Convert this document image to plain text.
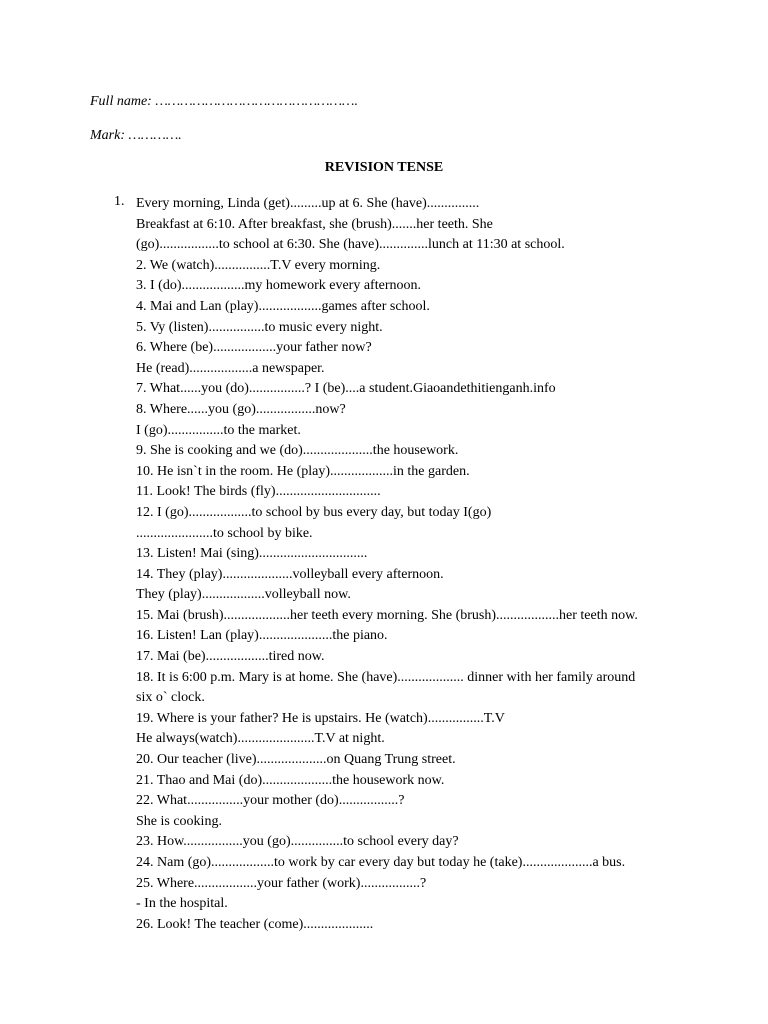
Full name: ………………………………………….
Mark: ………….
REVISION TENSE
1. Every morning, Linda (get).........up at 6. She (have)...............
Breakfast at 6:10. After breakfast, she (brush).......her teeth. She
(go).................to school at 6:30. She (have)..............lunch at 11:30 at school.
2. We (watch)................T.V every morning.
3. I (do)..................my homework every afternoon.
4. Mai and Lan (play)..................games after school.
5. Vy (listen)................to music every night.
6. Where (be)..................your father now?
He (read)..................a newspaper.
7. What......you (do)................? I (be)....a student.Giaoandethitienganh.info
8. Where......you (go).................now?
I (go)................to the market.
9. She is cooking and we (do)....................the housework.
10. He isn`t in the room. He (play)..................in the garden.
11. Look! The birds (fly)..............................
12. I (go)..................to school by bus every day, but today I(go)
......................to school by bike.
13. Listen! Mai (sing)...............................
14. They (play)....................volleyball every afternoon.
They (play)..................volleyball now.
15. Mai (brush)...................her teeth every morning. She (brush)..................her teeth now.
16. Listen! Lan (play).....................the piano.
17. Mai (be)..................tired now.
18. It is 6:00 p.m. Mary is at home. She (have)................... dinner with her family around
six o` clock.
19. Where is your father? He is upstairs. He (watch)................T.V
He always(watch)......................T.V at night.
20. Our teacher (live)....................on Quang Trung street.
21. Thao and Mai (do)....................the housework now.
22. What................your mother (do).................?
She is cooking.
23. How.................you (go)...............to school every day?
24. Nam (go)..................to work by car every day but today he (take)....................a bus.
25. Where..................your father (work).................?
- In the hospital.
26. Look! The teacher (come)....................
